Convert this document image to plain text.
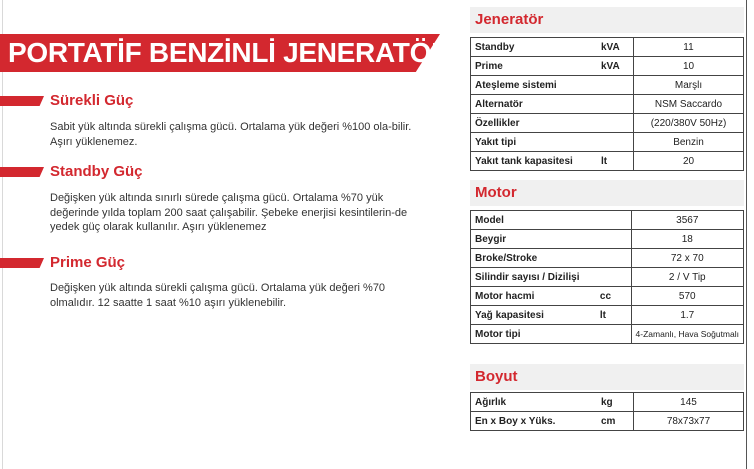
PORTATİF BENZİNLİ JENERATÖR
Sürekli Güç
Sabit yük altında sürekli çalışma gücü. Ortalama yük değeri %100 ola-bilir. Aşırı yüklenemez.
Standby Güç
Değişken yük altında sınırlı sürede çalışma gücü. Ortalama %70 yük değerinde yılda toplam 200 saat çalışabilir. Şebeke enerjisi kesintilerin-de yedek güç olarak kullanılır. Aşırı yüklenemez
Prime Güç
Değişken yük altında sürekli çalışma gücü. Ortalama yük değeri %70 olmalıdır. 12 saatte 1 saat %10 aşırı yüklenebilir.
Jeneratör
Standby	kVA	11
Prime	kVA	10
Ateşleme sistemi		Marşlı
Alternatör		NSM Saccardo
Özellikler		(220/380V 50Hz)
Yakıt tipi		Benzin
Yakıt tank kapasitesi	lt	20
Motor
Model		3567
Beygir		18
Broke/Stroke		72 x 70
Silindir sayısı / Dizilişi		2 / V Tip
Motor hacmi	cc	570
Yağ kapasitesi	lt	1.7
Motor tipi		4-Zamanlı, Hava Soğutmalı
Boyut
Ağırlık	kg	145
En x Boy x Yüks.	cm	78x73x77
